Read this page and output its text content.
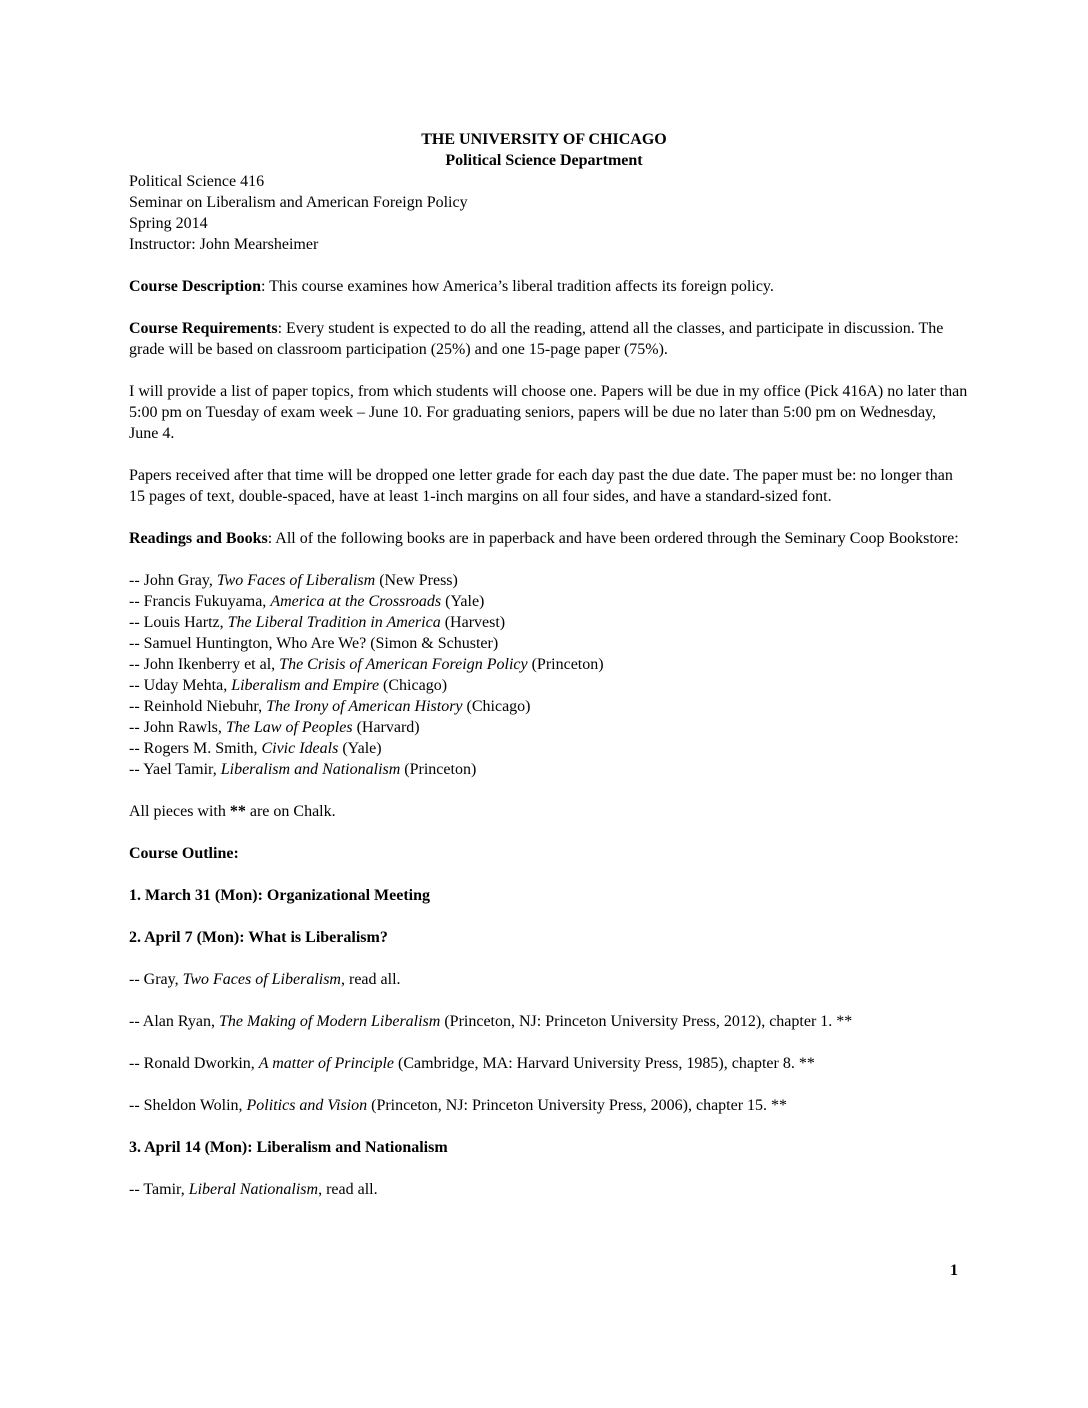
THE UNIVERSITY OF CHICAGO
Political Science Department
Political Science 416
Seminar on Liberalism and American Foreign Policy
Spring 2014
Instructor: John Mearsheimer

Course Description: This course examines how America’s liberal tradition affects its foreign policy.

Course Requirements: Every student is expected to do all the reading, attend all the classes, and participate in discussion. The grade will be based on classroom participation (25%) and one 15-page paper (75%).

I will provide a list of paper topics, from which students will choose one. Papers will be due in my office (Pick 416A) no later than 5:00 pm on Tuesday of exam week – June 10. For graduating seniors, papers will be due no later than 5:00 pm on Wednesday, June 4.

Papers received after that time will be dropped one letter grade for each day past the due date. The paper must be: no longer than 15 pages of text, double-spaced, have at least 1-inch margins on all four sides, and have a standard-sized font.

Readings and Books: All of the following books are in paperback and have been ordered through the Seminary Coop Bookstore:

-- John Gray, Two Faces of Liberalism (New Press)
-- Francis Fukuyama, America at the Crossroads (Yale)
-- Louis Hartz, The Liberal Tradition in America (Harvest)
-- Samuel Huntington, Who Are We? (Simon & Schuster)
-- John Ikenberry et al, The Crisis of American Foreign Policy (Princeton)
-- Uday Mehta, Liberalism and Empire (Chicago)
-- Reinhold Niebuhr, The Irony of American History (Chicago)
-- John Rawls, The Law of Peoples (Harvard)
-- Rogers M. Smith, Civic Ideals (Yale)
-- Yael Tamir, Liberalism and Nationalism (Princeton)

All pieces with ** are on Chalk.

Course Outline:

1. March 31 (Mon): Organizational Meeting

2. April 7 (Mon): What is Liberalism?

-- Gray, Two Faces of Liberalism, read all.

-- Alan Ryan, The Making of Modern Liberalism (Princeton, NJ: Princeton University Press, 2012), chapter 1. **

-- Ronald Dworkin, A matter of Principle (Cambridge, MA: Harvard University Press, 1985), chapter 8. **

-- Sheldon Wolin, Politics and Vision (Princeton, NJ: Princeton University Press, 2006), chapter 15. **

3. April 14 (Mon): Liberalism and Nationalism

-- Tamir, Liberal Nationalism, read all.

1
